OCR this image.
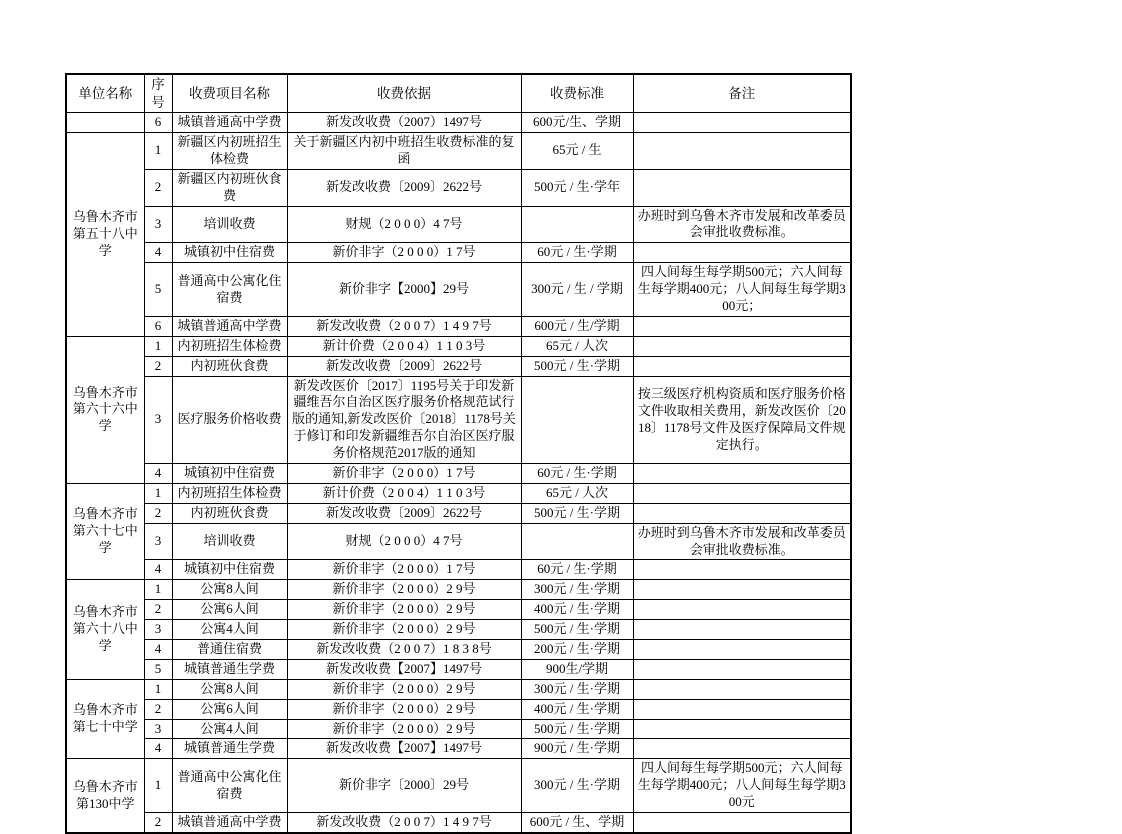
单位名称	序号	收费项目名称	收费依据	收费标准	备注
	6	城镇普通高中学费	新发改收费（2007）1497号	600元/生、学期	
乌鲁木齐市第五十八中学	1	新疆区内初班招生体检费	关于新疆区内初中班招生收费标准的复函	65元 / 生	
	2	新疆区内初班伙食费	新发改收费〔2009〕2622号	500元 / 生·学年	
	3	培训收费	财规（2 0 0 0）4 7号		办班时到乌鲁木齐市发展和改革委员会审批收费标准。
	4	城镇初中住宿费	新价非字（2 0 0 0）1 7号	60元 / 生·学期	
	5	普通高中公寓化住宿费	新价非字【2000】29号	300元 / 生 / 学期	四人间每生每学期500元；六人间每生每学期400元；八人间每生每学期300元；
	6	城镇普通高中学费	新发改收费（2 0 0 7）1 4 9 7号	600元 / 生/学期	
乌鲁木齐市第六十六中学	1	内初班招生体检费	新计价费（2 0 0 4）1 1 0 3号	65元 / 人次	
	2	内初班伙食费	新发改收费〔2009〕2622号	500元 / 生·学期	
	3	医疗服务价格收费	新发改医价〔2017〕1195号关于印发新疆维吾尔自治区医疗服务价格规范试行版的通知,新发改医价〔2018〕1178号关于修订和印发新疆维吾尔自治区医疗服务价格规范2017版的通知		按三级医疗机构资质和医疗服务价格文件收取相关费用，新发改医价〔2018〕1178号文件及医疗保障局文件规定执行。
	4	城镇初中住宿费	新价非字（2 0 0 0）1 7号	60元 / 生·学期	
乌鲁木齐市第六十七中学	1	内初班招生体检费	新计价费（2 0 0 4）1 1 0 3号	65元 / 人次	
	2	内初班伙食费	新发改收费〔2009〕2622号	500元 / 生·学期	
	3	培训收费	财规（2 0 0 0）4 7号		办班时到乌鲁木齐市发展和改革委员会审批收费标准。
	4	城镇初中住宿费	新价非字（2 0 0 0）1 7号	60元 / 生·学期	
乌鲁木齐市第六十八中学	1	公寓8人间	新价非字（2 0 0 0）2 9号	300元 / 生·学期	
	2	公寓6人间	新价非字（2 0 0 0）2 9号	400元 / 生·学期	
	3	公寓4人间	新价非字（2 0 0 0）2 9号	500元 / 生·学期	
	4	普通住宿费	新发改收费（2 0 0 7）1 8 3 8号	200元 / 生·学期	
	5	城镇普通生学费	新发改收费【2007】1497号	900生/学期	
乌鲁木齐市第七十中学	1	公寓8人间	新价非字（2 0 0 0）2 9号	300元 / 生·学期	
	2	公寓6人间	新价非字（2 0 0 0）2 9号	400元 / 生·学期	
	3	公寓4人间	新价非字（2 0 0 0）2 9号	500元 / 生·学期	
	4	城镇普通生学费	新发改收费【2007】1497号	900元 / 生·学期	
乌鲁木齐市第130中学	1	普通高中公寓化住宿费	新价非字〔2000〕29号	300元 / 生·学期	四人间每生每学期500元；六人间每生每学期400元；八人间每生每学期300元
	2	城镇普通高中学费	新发改收费（2 0 0 7）1 4 9 7号	600元 / 生、学期	
